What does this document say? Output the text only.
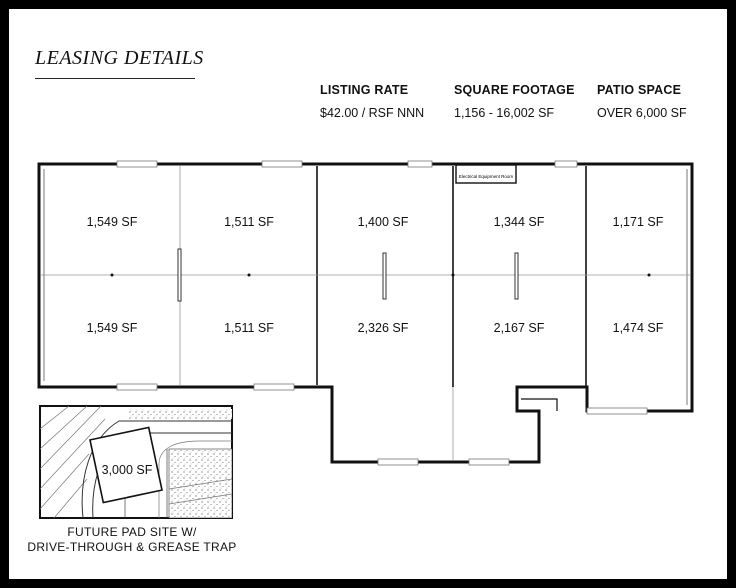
LEASING DETAILS
LISTING RATE
$42.00 / RSF NNN
SQUARE FOOTAGE
1,156 - 16,002 SF
PATIO SPACE
OVER 6,000 SF
Electrical Equipment Room
1,549 SF	1,511 SF	1,400 SF	1,344 SF	1,171 SF
1,549 SF	1,511 SF	2,326 SF	2,167 SF	1,474 SF
3,000 SF
FUTURE PAD SITE W/
DRIVE-THROUGH & GREASE TRAP
